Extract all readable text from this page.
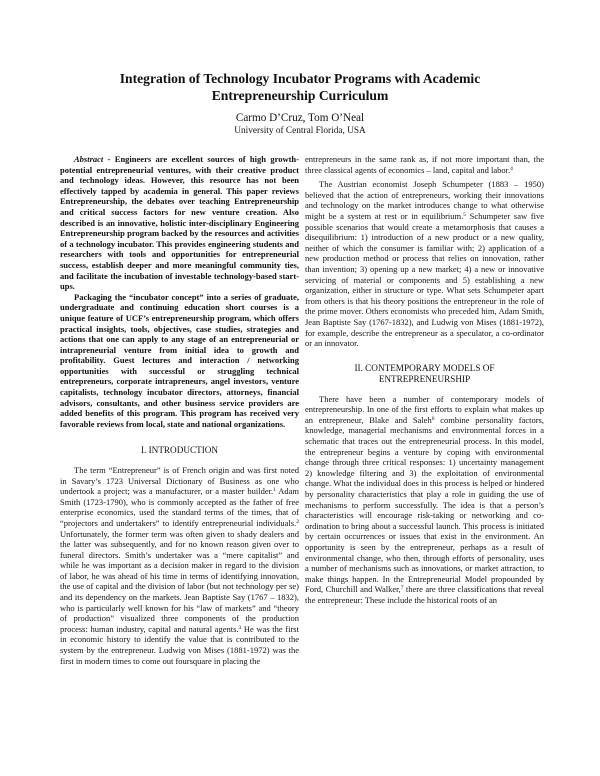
Integration of Technology Incubator Programs with Academic
Entrepreneurship Curriculum
Carmo D’Cruz, Tom O’Neal
University of Central Florida, USA

Abstract - Engineers are excellent sources of high growth-potential entrepreneurial ventures, with their creative product and technology ideas. However, this resource has not been effectively tapped by academia in general. This paper reviews Entrepreneurship, the debates over teaching Entrepreneurship and critical success factors for new venture creation. Also described is an innovative, holistic inter-disciplinary Engineering Entrepreneurship program backed by the resources and activities of a technology incubator. This provides engineering students and researchers with tools and opportunities for entrepreneurial success, establish deeper and more meaningful community ties, and facilitate the incubation of investable technology-based start-ups.

Packaging the “incubator concept” into a series of graduate, undergraduate and continuing education short courses is a unique feature of UCF’s entrepreneurship program, which offers practical insights, tools, objectives, case studies, strategies and actions that one can apply to any stage of an entrepreneurial or intrapreneurial venture from initial idea to growth and profitability. Guest lectures and interaction / networking opportunities with successful or struggling technical entrepreneurs, corporate intrapreneurs, angel investors, venture capitalists, technology incubator directors, attorneys, financial advisors, consultants, and other business service providers are added benefits of this program. This program has received very favorable reviews from local, state and national organizations.

I. INTRODUCTION

The term “Entrepreneur” is of French origin and was first noted in Savary’s 1723 Universal Dictionary of Business as one who undertook a project; was a manufacturer, or a master builder.$^1$ Adam Smith (1723-1790), who is commonly accepted as the father of free enterprise economics, used the standard terms of the times, that of “projectors and undertakers” to identify entrepreneurial individuals.$^2$ Unfortunately, the former term was often given to shady dealers and the latter was subsequently, and for no known reason given over to funeral directors. Smith’s undertaker was a “mere capitalist” and while he was important as a decision maker in regard to the division of labor, he was ahead of his time in terms of identifying innovation, the use of capital and the division of labor (but not technology per se) and its dependency on the markets. Jean Baptiste Say (1767 – 1832), who is particularly well known for his “law of markets” and “theory of production” visualized three components of the production process: human industry, capital and natural agents.$^3$ He was the first in economic history to identify the value that is contributed to the system by the entrepreneur. Ludwig von Mises (1881-1972) was the first in modern times to come out foursquare in placing the

entrepreneurs in the same rank as, if not more important than, the three classical agents of economics – land, capital and labor.$^4$

The Austrian economist Joseph Schumpeter (1883 – 1950) believed that the action of entrepreneurs, working their innovations and technology on the market introduces change to what otherwise might be a system at rest or in equilibrium.$^5$ Schumpeter saw five possible scenarios that would create a metamorphosis that causes a disequilibrium: 1) introduction of a new product or a new quality, neither of which the consumer is familiar with; 2) application of a new production method or process that relies on innovation, rather than invention; 3) opening up a new market; 4) a new or innovative servicing of material or components and 5) establishing a new organization, either in structure or type. What sets Schumpeter apart from others is that his theory positions the entrepreneur in the role of the prime mover. Others economists who preceded him, Adam Smith, Jean Baptiste Say (1767-1832), and Ludwig von Mises (1881-1972), for example, describe the entrepreneur as a speculator, a co-ordinator or an innovator.

II. CONTEMPORARY MODELS OF
ENTREPRENEURSHIP

There have been a number of contemporary models of entrepreneurship. In one of the first efforts to explain what makes up an entrepreneur, Blake and Saleh$^6$ combine personality factors, knowledge, managerial mechanisms and environmental forces in a schematic that traces out the entrepreneurial process. In this model, the entrepreneur begins a venture by coping with environmental change through three critical responses: 1) uncertainty management 2) knowledge filtering and 3) the exploitation of environmental change. What the individual does in this process is helped or hindered by personality characteristics that play a role in guiding the use of mechanisms to perform successfully. The idea is that a person’s characteristics will encourage risk-taking or networking and co-ordination to bring about a successful launch. This process is initiated by certain occurrences or issues that exist in the environment. An opportunity is seen by the entrepreneur, perhaps as a result of environmental change, who then, through efforts of personality, uses a number of mechanisms such as innovations, or market attraction, to make things happen. In the Entrepreneurial Model propounded by Ford, Churchill and Walker,$^7$ there are three classifications that reveal the entrepreneur: These include the historical roots of an
